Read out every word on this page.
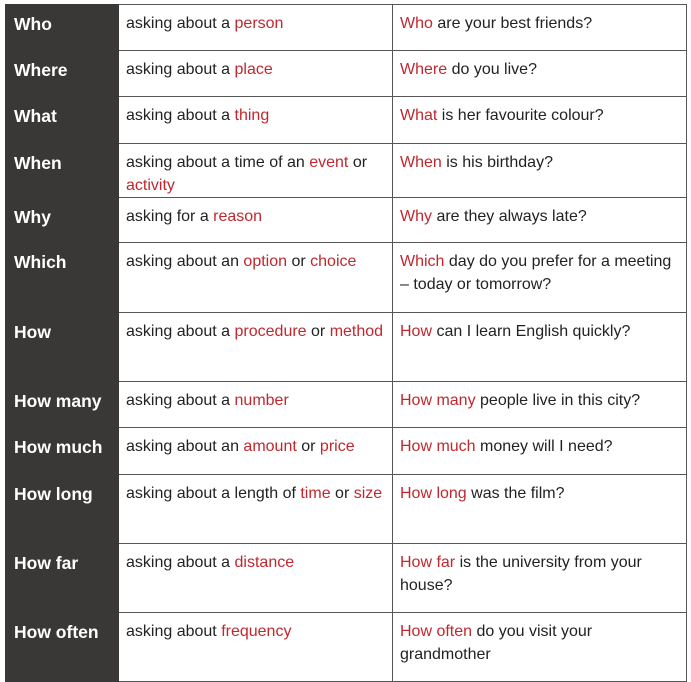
Who	asking about a person	Who are your best friends?
Where	asking about a place	Where do you live?
What	asking about a thing	What is her favourite colour?
When	asking about a time of an event or activity	When is his birthday?
Why	asking for a reason	Why are they always late?
Which	asking about an option or choice	Which day do you prefer for a meeting – today or tomorrow?
How	asking about a procedure or method	How can I learn English quickly?
How many	asking about a number	How many people live in this city?
How much	asking about an amount or price	How much money will I need?
How long	asking about a length of time or size	How long was the film?
How far	asking about a distance	How far is the university from your house?
How often	asking about frequency	How often do you visit your grandmother
